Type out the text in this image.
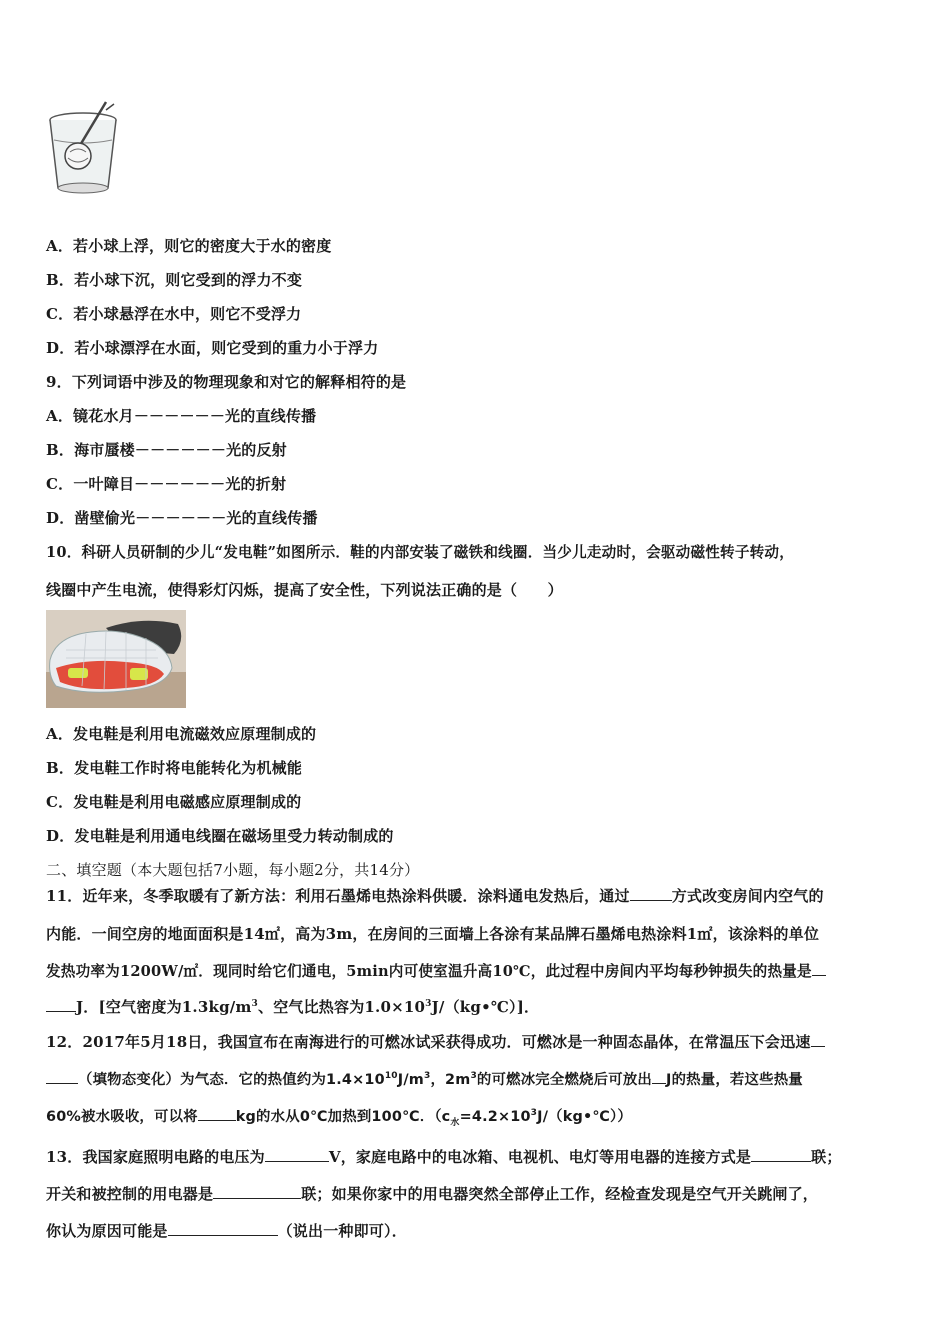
A．若小球上浮，则它的密度大于水的密度
B．若小球下沉，则它受到的浮力不变
C．若小球悬浮在水中，则它不受浮力
D．若小球漂浮在水面，则它受到的重力小于浮力
9．下列词语中涉及的物理现象和对它的解释相符的是
A．镜花水月－－－－－－光的直线传播
B．海市蜃楼－－－－－－光的反射
C．一叶障目－－－－－－光的折射
D．凿壁偷光－－－－－－光的直线传播
10．科研人员研制的少儿“发电鞋”如图所示．鞋的内部安装了磁铁和线圈．当少儿走动时，会驱动磁性转子转动，
线圈中产生电流，使得彩灯闪烁，提高了安全性，下列说法正确的是（　　）
A．发电鞋是利用电流磁效应原理制成的
B．发电鞋工作时将电能转化为机械能
C．发电鞋是利用电磁感应原理制成的
D．发电鞋是利用通电线圈在磁场里受力转动制成的
二、填空题（本大题包括7小题，每小题2分，共14分）
11．近年来，冬季取暖有了新方法：利用石墨烯电热涂料供暖．涂料通电发热后，通过	方式改变房间内空气的
内能．一间空房的地面面积是14㎡，高为3m，在房间的三面墙上各涂有某品牌石墨烯电热涂料1㎡，该涂料的单位
发热功率为1200W/㎡．现同时给它们通电，5min内可使室温升高10℃，此过程中房间内平均每秒钟损失的热量是
J．[空气密度为$1.3kg/m^3$、空气比热容为$1.0\times 10^3J/(kg•℃)$]．
12．2017年5月18日，我国宣布在南海进行的可燃冰试采获得成功．可燃冰是一种固态晶体，在常温压下会迅速
（填物态变化）为气态．它的热值约为$1.4\times 10^{10}J/m^3$，$2m^3$的可燃冰完全燃烧后可放出 J的热量，若这些热量
60%被水吸收，可以将	kg的水从0℃加热到100℃．$(c_水=4.2\times 10^3J/(kg•℃))$
13．我国家庭照明电路的电压为	V，家庭电路中的电冰箱、电视机、电灯等用电器的连接方式是	联；
开关和被控制的用电器是	联；如果你家中的用电器突然全部停止工作，经检查发现是空气开关跳闸了，
你认为原因可能是	（说出一种即可）．
